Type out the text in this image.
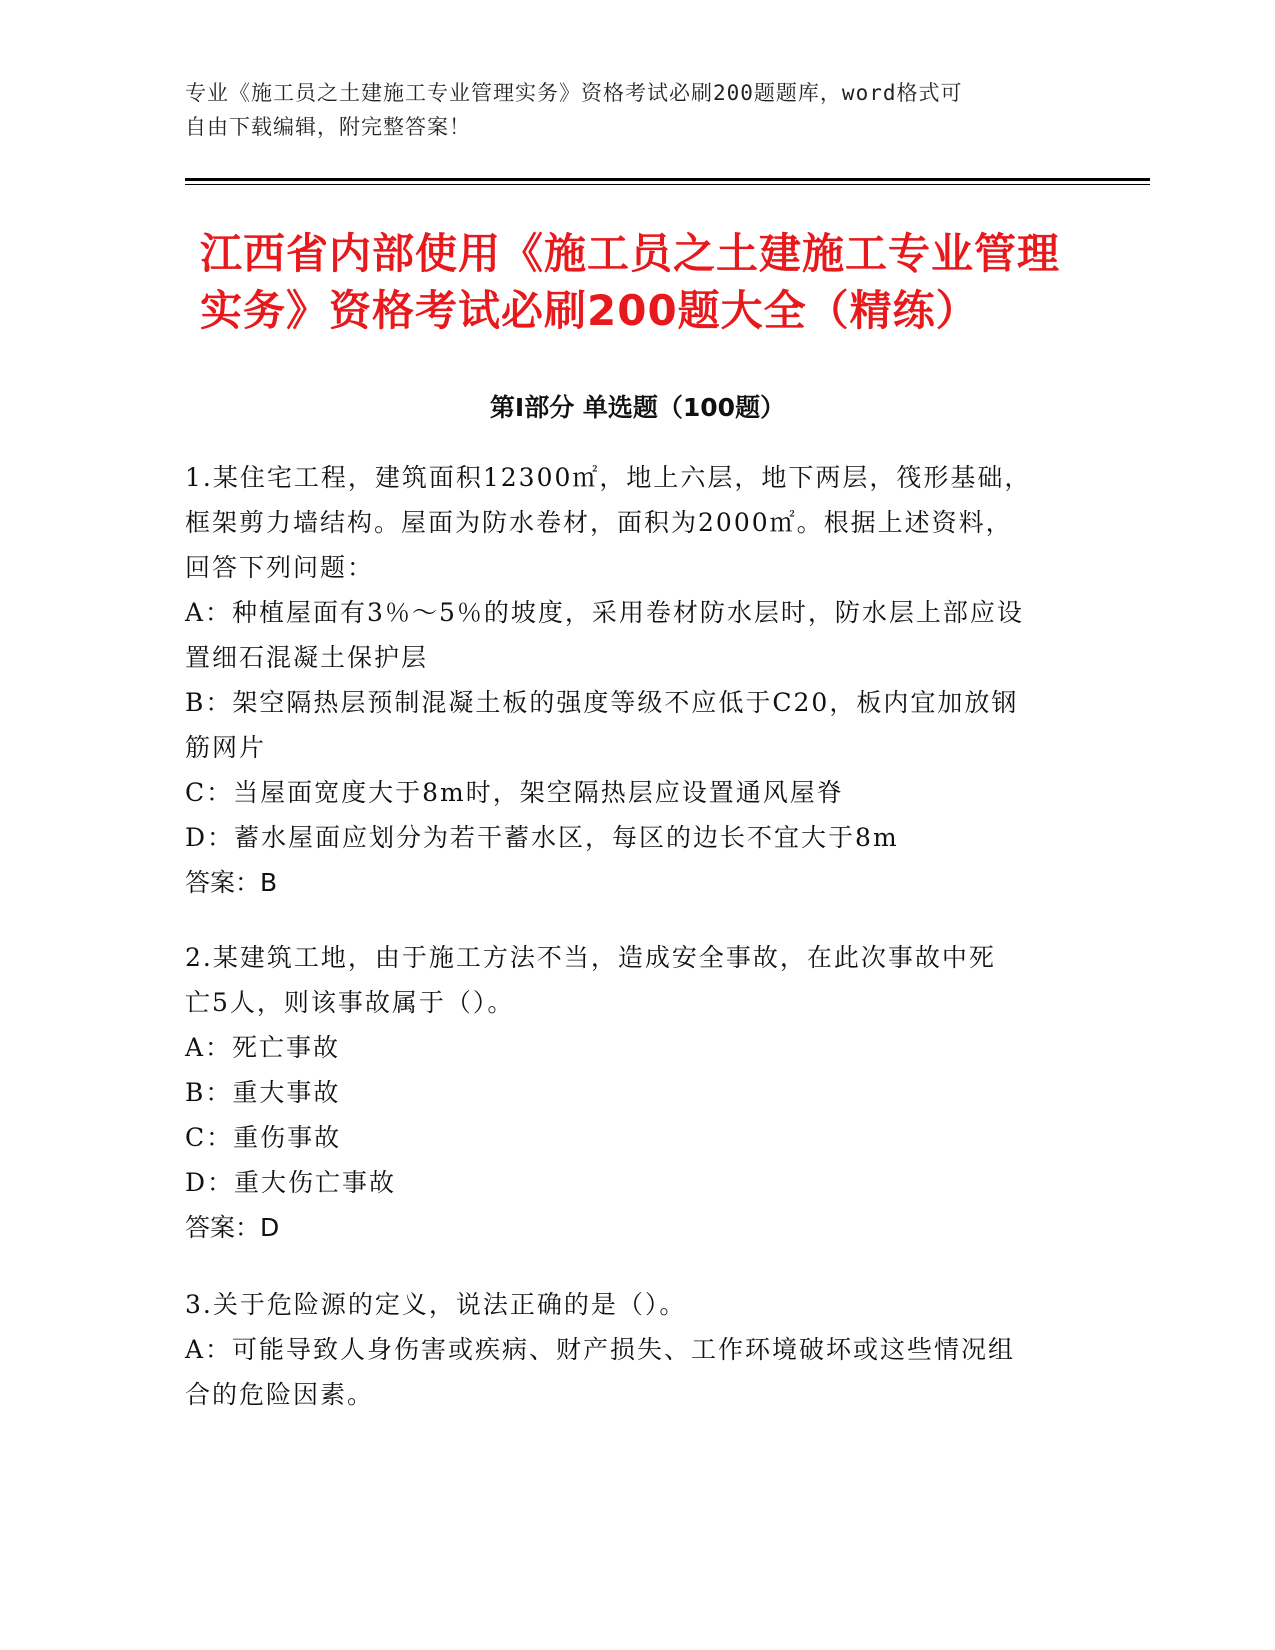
专业《施工员之土建施工专业管理实务》资格考试必刷200题题库，word格式可
自由下载编辑，附完整答案！
江西省内部使用《施工员之土建施工专业管理实务》资格考试必刷200题大全（精练）
第I部分 单选题（100题）
1.某住宅工程，建筑面积12300㎡，地上六层，地下两层，筏形基础，
框架剪力墙结构。屋面为防水卷材，面积为2000㎡。根据上述资料，
回答下列问题：
A：种植屋面有3％～5％的坡度，采用卷材防水层时，防水层上部应设
置细石混凝土保护层
B：架空隔热层预制混凝土板的强度等级不应低于C20，板内宜加放钢
筋网片
C：当屋面宽度大于8m时，架空隔热层应设置通风屋脊
D：蓄水屋面应划分为若干蓄水区，每区的边长不宜大于8m
答案：B
2.某建筑工地，由于施工方法不当，造成安全事故，在此次事故中死
亡5人，则该事故属于（）。
A：死亡事故
B：重大事故
C：重伤事故
D：重大伤亡事故
答案：D
3.关于危险源的定义，说法正确的是（）。
A：可能导致人身伤害或疾病、财产损失、工作环境破坏或这些情况组
合的危险因素。
